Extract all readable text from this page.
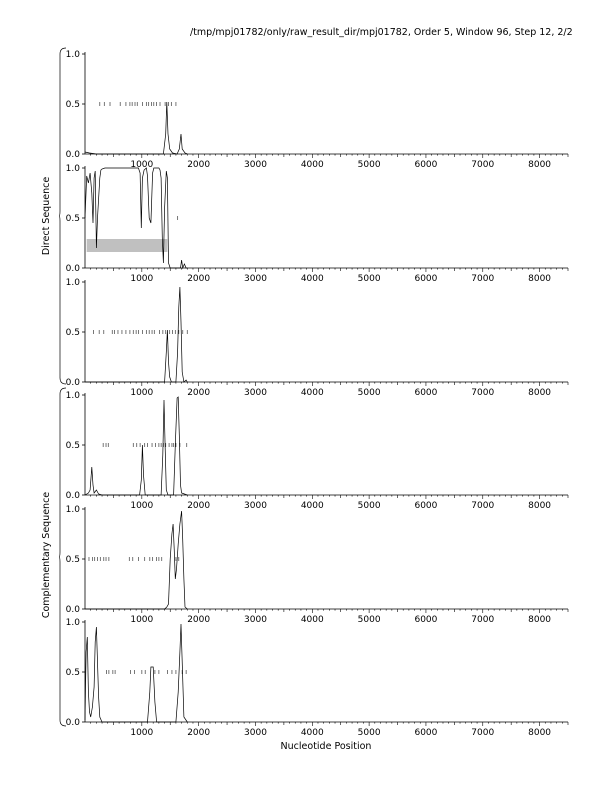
/tmp/mpj01782/only/raw_result_dir/mpj01782, Order 5, Window 96, Step 12, 2/2
0.0
0.5
1.0
1000	2000	3000	4000	5000	6000	7000	8000
0.0
0.5
1.0
1000	2000	3000	4000	5000	6000	7000	8000
0.0
0.5
1.0
1000	2000	3000	4000	5000	6000	7000	8000
0.0
0.5
1.0
1000	2000	3000	4000	5000	6000	7000	8000
0.0
0.5
1.0
1000	2000	3000	4000	5000	6000	7000	8000
0.0
0.5
1.0
1000	2000	3000	4000	5000	6000	7000	8000
Direct Sequence
Complementary Sequence
Nucleotide Position
